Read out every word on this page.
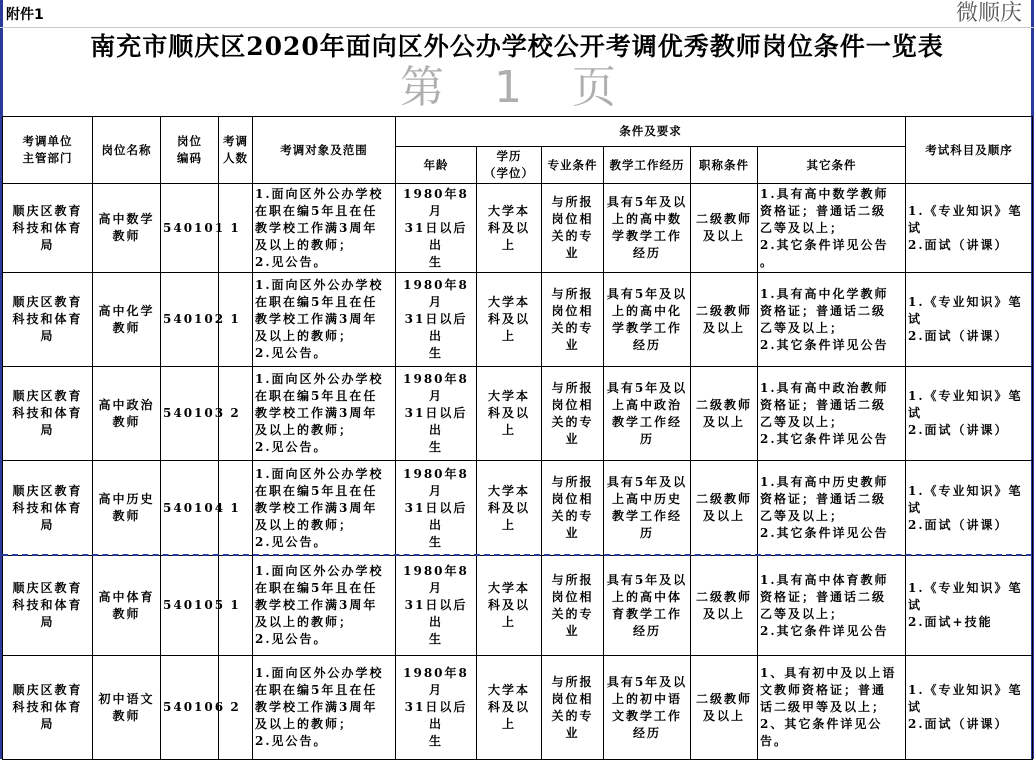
附件1	微顺庆
南充市顺庆区2020年面向区外公办学校公开考调优秀教师岗位条件一览表
第 1 页
考调单位
主管部门	岗位名称	岗位
编码	考调
人数	考调对象及范围	条件及要求						考试科目及顺序
					年龄	学历
（学位）	专业条件	教学工作经历	职称条件	其它条件	
顺庆区教育
科技和体育
局	高中数学
教师	540101	1	1.面向区外公办学校
在职在编5年且在任
教学校工作满3周年
及以上的教师；
2.见公告。	1980年8月
31日以后出
生	大学本
科及以
上	与所报
岗位相
关的专
业	具有5年及以
上的高中数
学教学工作
经历	二级教师
及以上	1.具有高中数学教师
资格证；普通话二级
乙等及以上；
2.其它条件详见公告
。	1.《专业知识》笔
试
2.面试（讲课）
顺庆区教育
科技和体育
局	高中化学
教师	540102	1	1.面向区外公办学校
在职在编5年且在任
教学校工作满3周年
及以上的教师；
2.见公告。	1980年8月
31日以后出
生	大学本
科及以
上	与所报
岗位相
关的专
业	具有5年及以
上的高中化
学教学工作
经历	二级教师
及以上	1.具有高中化学教师
资格证；普通话二级
乙等及以上；
2.其它条件详见公告	1.《专业知识》笔
试
2.面试（讲课）
顺庆区教育
科技和体育
局	高中政治
教师	540103	2	1.面向区外公办学校
在职在编5年且在任
教学校工作满3周年
及以上的教师；
2.见公告。	1980年8月
31日以后出
生	大学本
科及以
上	与所报
岗位相
关的专
业	具有5年及以
上高中政治
教学工作经
历	二级教师
及以上	1.具有高中政治教师
资格证；普通话二级
乙等及以上；
2.其它条件详见公告	1.《专业知识》笔
试
2.面试（讲课）
顺庆区教育
科技和体育
局	高中历史
教师	540104	1	1.面向区外公办学校
在职在编5年且在任
教学校工作满3周年
及以上的教师；
2.见公告。	1980年8月
31日以后出
生	大学本
科及以
上	与所报
岗位相
关的专
业	具有5年及以
上高中历史
教学工作经
历	二级教师
及以上	1.具有高中历史教师
资格证；普通话二级
乙等及以上；
2.其它条件详见公告	1.《专业知识》笔
试
2.面试（讲课）
顺庆区教育
科技和体育
局	高中体育
教师	540105	1	1.面向区外公办学校
在职在编5年且在任
教学校工作满3周年
及以上的教师；
2.见公告。	1980年8月
31日以后出
生	大学本
科及以
上	与所报
岗位相
关的专
业	具有5年及以
上的高中体
育教学工作
经历	二级教师
及以上	1.具有高中体育教师
资格证；普通话二级
乙等及以上；
2.其它条件详见公告	1.《专业知识》笔
试
2.面试+技能
顺庆区教育
科技和体育
局	初中语文
教师	540106	2	1.面向区外公办学校
在职在编5年且在任
教学校工作满3周年
及以上的教师；
2.见公告。	1980年8月
31日以后出
生	大学本
科及以
上	与所报
岗位相
关的专
业	具有5年及以
上的初中语
文教学工作
经历	二级教师
及以上	1、具有初中及以上语
文教师资格证；普通
话二级甲等及以上；
2、其它条件详见公
告。	1.《专业知识》笔
试
2.面试（讲课）
